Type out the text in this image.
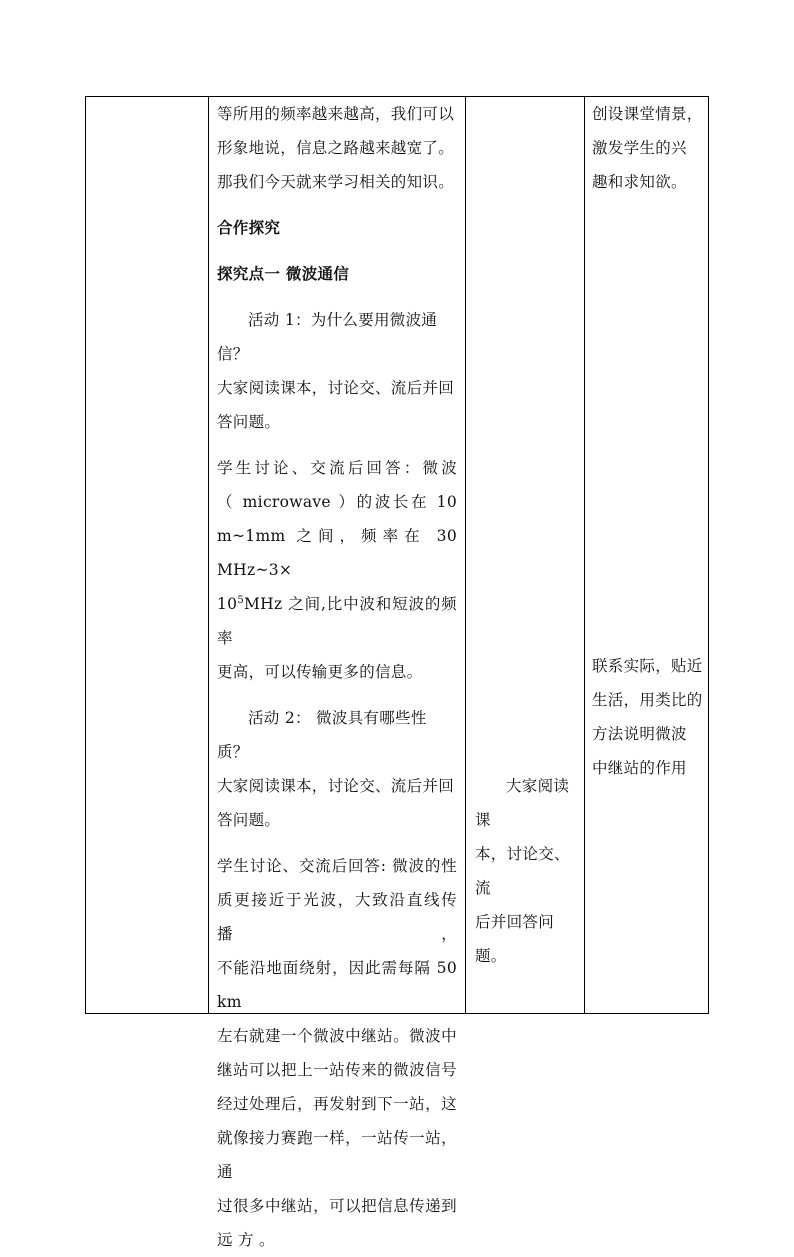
等所用的频率越来越高，我们可以

形象地说，信息之路越来越宽了。

那我们今天就来学习相关的知识。

合作探究

探究点一 微波通信

活动 1：为什么要用微波通信？

大家阅读课本，讨论交、流后并回

答问题。

学生讨论、交流后回答：微波

（ microwave ）的波长在 10

m~1mm 之间，频率在 30 MHz~3×

$10^5MHz$ 之间,比中波和短波的频率

更高，可以传输更多的信息。

活动 2： 微波具有哪些性质？

大家阅读课本，讨论交、流后并回

答问题。

学生讨论、交流后回答: 微波的性

质更接近于光波，大致沿直线传播，

不能沿地面绕射，因此需每隔 50 km

左右就建一个微波中继站。微波中

继站可以把上一站传来的微波信号

经过处理后，再发射到下一站，这

就像接力赛跑一样，一站传一站，通

过很多中继站，可以把信息传递到

远 方 。

大家阅读课

本，讨论交、流

后并回答问题。

创设课堂情景，

激发学生的兴

趣和求知欲。

联系实际，贴近

生活，用类比的

方法说明微波

中继站的作用
